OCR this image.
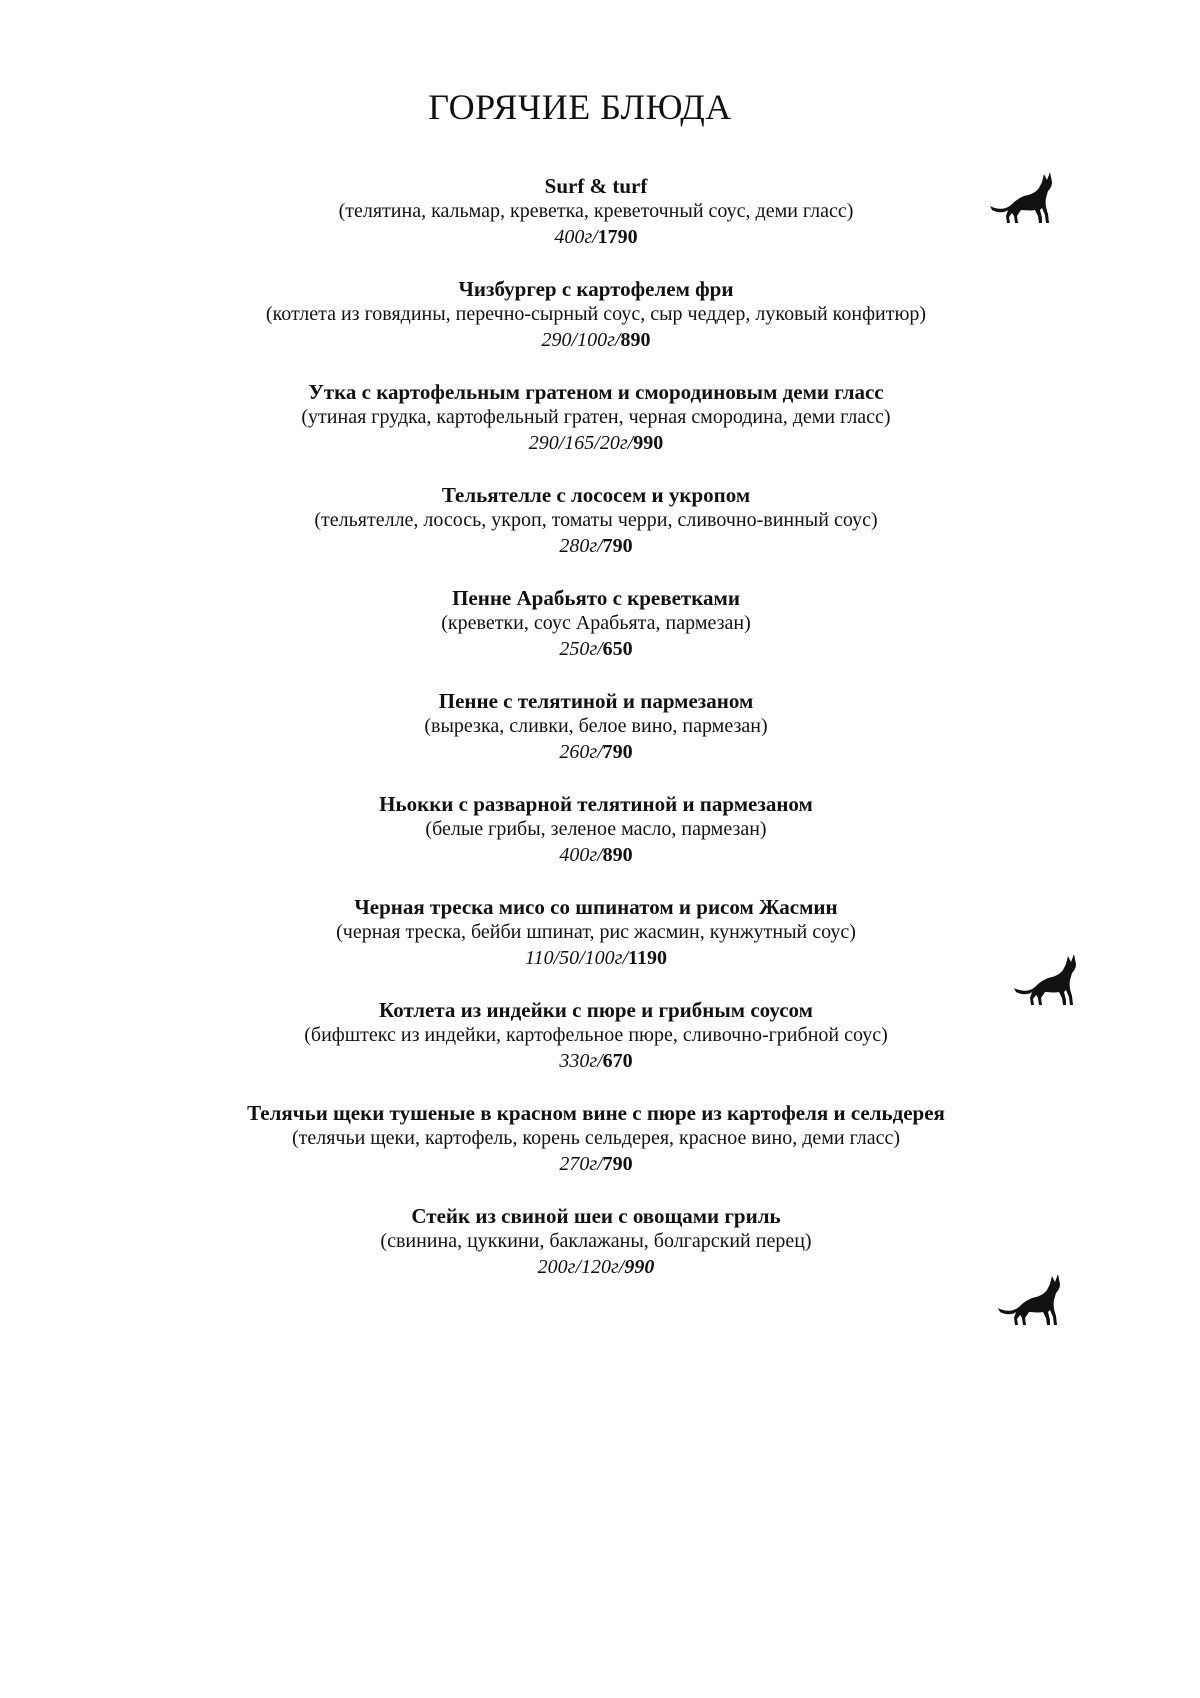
ГОРЯЧИЕ БЛЮДА
Surf & turf
(телятина, кальмар, креветка, креветочный соус, деми гласс)
400г/1790
Чизбургер с картофелем фри
(котлета из говядины, перечно-сырный соус, сыр чеддер, луковый конфитюр)
290/100г/890
Утка с картофельным гратеном и смородиновым деми гласс
(утиная грудка, картофельный гратен, черная смородина, деми гласс)
290/165/20г/990
Тельятелле с лососем и укропом
(тельятелле, лосось, укроп, томаты черри, сливочно-винный соус)
280г/790
Пенне Арабьято с креветками
(креветки, соус Арабьята, пармезан)
250г/650
Пенне с телятиной и пармезаном
(вырезка, сливки, белое вино, пармезан)
260г/790
Ньокки с разварной телятиной и пармезаном
(белые грибы, зеленое масло, пармезан)
400г/890
Черная треска мисо со шпинатом и рисом Жасмин
(черная треска, бейби шпинат, рис жасмин, кунжутный соус)
110/50/100г/1190
Котлета из индейки с пюре и грибным соусом
(бифштекс из индейки, картофельное пюре, сливочно-грибной соус)
330г/670
Телячьи щеки тушеные в красном вине с пюре из картофеля и сельдерея
(телячьи щеки, картофель, корень сельдерея, красное вино, деми гласс)
270г/790
Стейк из свиной шеи с овощами гриль
(свинина, цуккини, баклажаны, болгарский перец)
200г/120г/990
